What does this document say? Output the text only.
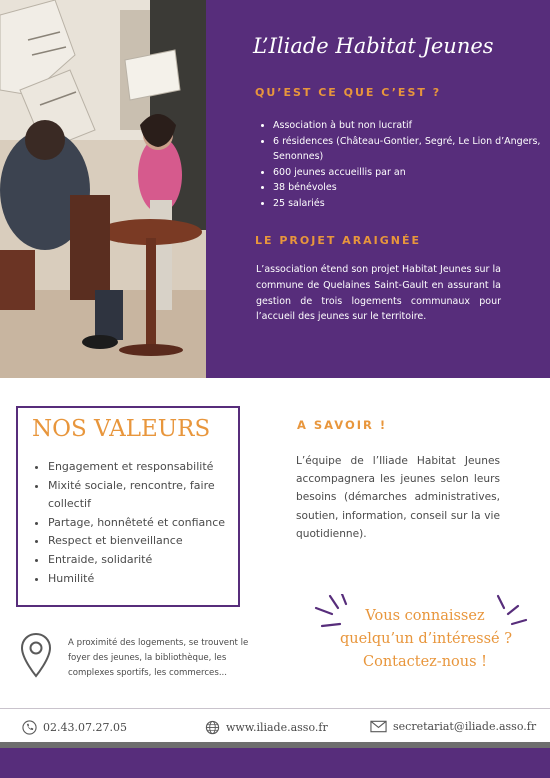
L’Iliade Habitat Jeunes
QU’EST CE QUE C’EST ?
• Association à but non lucratif
• 6 résidences (Château-Gontier, Segré, Le Lion d’Angers, Senonnes)
• 600 jeunes accueillis par an
• 38 bénévoles
• 25 salariés
LE PROJET ARAIGNÉE

L’association étend son projet Habitat Jeunes sur la commune de Quelaines Saint-Gault en assurant la gestion de trois logements communaux pour l’accueil des jeunes sur le territoire.

NOS VALEURS
• Engagement et responsabilité
• Mixité sociale, rencontre, faire collectif
• Partage, honnêteté et confiance
• Respect et bienveillance
• Entraide, solidarité
• Humilité
A SAVOIR !

L’équipe de l’Iliade Habitat Jeunes accompagnera les jeunes selon leurs besoins (démarches administratives, soutien, information, conseil sur la vie quotidienne).

A proximité des logements, se trouvent le foyer des jeunes, la bibliothèque, les complexes sportifs, les commerces...

Vous connaissez
quelqu’un d’intéressé ?
Contactez-nous !

02.43.07.27.05	www.iliade.asso.fr	secretariat@iliade.asso.fr
